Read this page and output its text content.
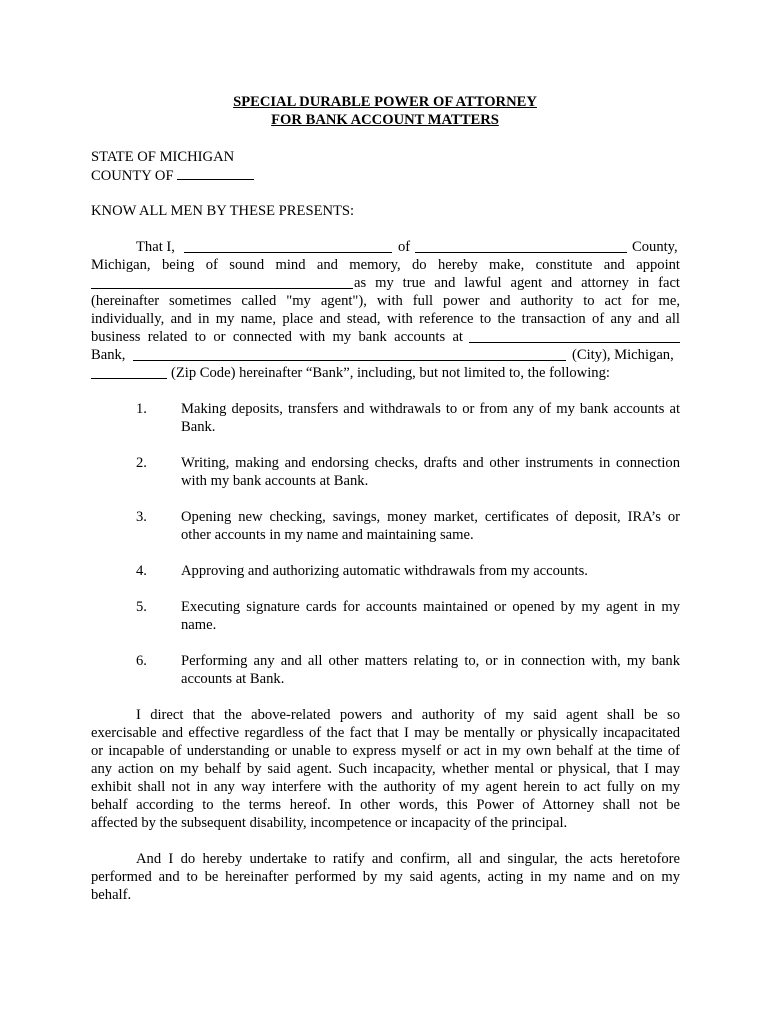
SPECIAL DURABLE POWER OF ATTORNEY
FOR BANK ACCOUNT MATTERS
STATE OF MICHIGAN
COUNTY OF
KNOW ALL MEN BY THESE PRESENTS:
That I,	of	County,
Michigan, being of sound mind and memory, do hereby make, constitute and appoint
as my true and lawful agent and attorney in fact
(hereinafter sometimes called "my agent"), with full power and authority to act for me,
individually, and in my name, place and stead, with reference to the transaction of any and all
business related to or connected with my bank accounts at
Bank,	(City), Michigan,
(Zip Code) hereinafter “Bank”, including, but not limited to, the following:
1.	Making deposits, transfers and withdrawals to or from any of my bank accounts at
Bank.
2.	Writing, making and endorsing checks, drafts and other instruments in connection
with my bank accounts at Bank.
3.	Opening new checking, savings, money market, certificates of deposit, IRA’s or
other accounts in my name and maintaining same.
4.	Approving and authorizing automatic withdrawals from my accounts.
5.	Executing signature cards for accounts maintained or opened by my agent in my
name.
6.	Performing any and all other matters relating to, or in connection with, my bank
accounts at Bank.
I direct that the above-related powers and authority of my said agent shall be so
exercisable and effective regardless of the fact that I may be mentally or physically incapacitated
or incapable of understanding or unable to express myself or act in my own behalf at the time of
any action on my behalf by said agent. Such incapacity, whether mental or physical, that I may
exhibit shall not in any way interfere with the authority of my agent herein to act fully on my
behalf according to the terms hereof. In other words, this Power of Attorney shall not be
affected by the subsequent disability, incompetence or incapacity of the principal.
And I do hereby undertake to ratify and confirm, all and singular, the acts heretofore
performed and to be hereinafter performed by my said agents, acting in my name and on my
behalf.
